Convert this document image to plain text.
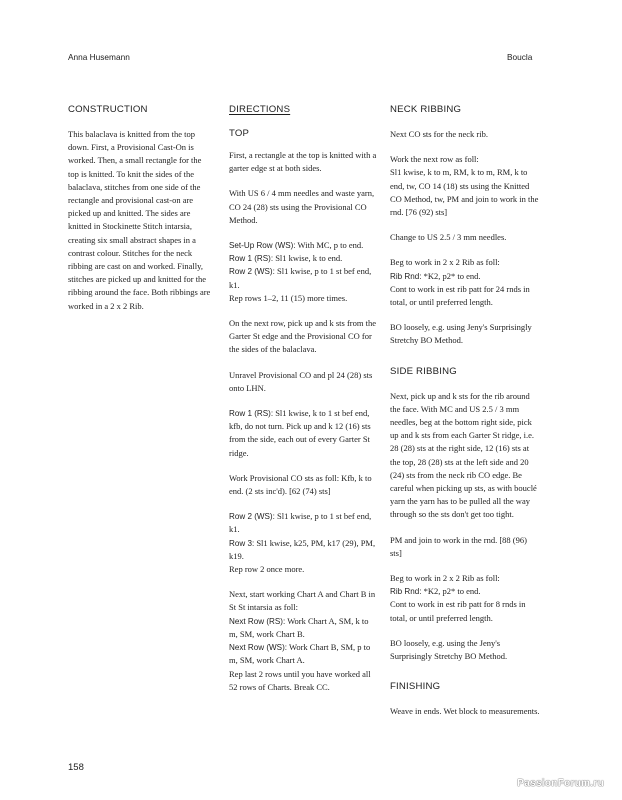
Anna Husemann	Boucla
CONSTRUCTION

This balaclava is knitted from the top down. First, a Provisional Cast-On is worked. Then, a small rectangle for the top is knitted. To knit the sides of the balaclava, stitches from one side of the rectangle and provisional cast-on are picked up and knitted. The sides are knitted in Stockinette Stitch intarsia, creating six small abstract shapes in a contrast colour. Stitches for the neck ribbing are cast on and worked. Finally, stitches are picked up and knitted for the ribbing around the face. Both ribbings are worked in a 2 x 2 Rib.

DIRECTIONS
TOP

First, a rectangle at the top is knitted with a garter edge st at both sides.

With US 6 / 4 mm needles and waste yarn, CO 24 (28) sts using the Provisional CO Method.

Set-Up Row (WS): With MC, p to end.

Row 1 (RS): Sl1 kwise, k to end.

Row 2 (WS): Sl1 kwise, p to 1 st bef end, k1.

Rep rows 1–2, 11 (15) more times.

On the next row, pick up and k sts from the Garter St edge and the Provisional CO for the sides of the balaclava.

Unravel Provisional CO and pl 24 (28) sts onto LHN.

Row 1 (RS): Sl1 kwise, k to 1 st bef end, kfb, do not turn. Pick up and k 12 (16) sts from the side, each out of every Garter St ridge.

Work Provisional CO sts as foll: Kfb, k to end. (2 sts inc'd). [62 (74) sts]

Row 2 (WS): Sl1 kwise, p to 1 st bef end, k1.

Row 3: Sl1 kwise, k25, PM, k17 (29), PM, k19.

Rep row 2 once more.

Next, start working Chart A and Chart B in St St intarsia as foll:

Next Row (RS): Work Chart A, SM, k to m, SM, work Chart B.

Next Row (WS): Work Chart B, SM, p to m, SM, work Chart A.

Rep last 2 rows until you have worked all 52 rows of Charts. Break CC.

NECK RIBBING

Next CO sts for the neck rib.

Work the next row as foll:

Sl1 kwise, k to m, RM, k to m, RM, k to end, tw, CO 14 (18) sts using the Knitted CO Method, tw, PM and join to work in the rnd. [76 (92) sts]

Change to US 2.5 / 3 mm needles.

Beg to work in 2 x 2 Rib as foll:

Rib Rnd: *K2, p2* to end.

Cont to work in est rib patt for 24 rnds in total, or until preferred length.

BO loosely, e.g. using Jeny's Surprisingly Stretchy BO Method.

SIDE RIBBING

Next, pick up and k sts for the rib around the face. With MC and US 2.5 / 3 mm needles, beg at the bottom right side, pick up and k sts from each Garter St ridge, i.e. 28 (28) sts at the right side, 12 (16) sts at the top, 28 (28) sts at the left side and 20 (24) sts from the neck rib CO edge. Be careful when picking up sts, as with bouclé yarn the yarn has to be pulled all the way through so the sts don't get too tight.

PM and join to work in the rnd. [88 (96) sts]

Beg to work in 2 x 2 Rib as foll:

Rib Rnd: *K2, p2* to end.

Cont to work in est rib patt for 8 rnds in total, or until preferred length.

BO loosely, e.g. using the Jeny's Surprisingly Stretchy BO Method.

FINISHING

Weave in ends. Wet block to measurements.

158
PassionForum.ru
